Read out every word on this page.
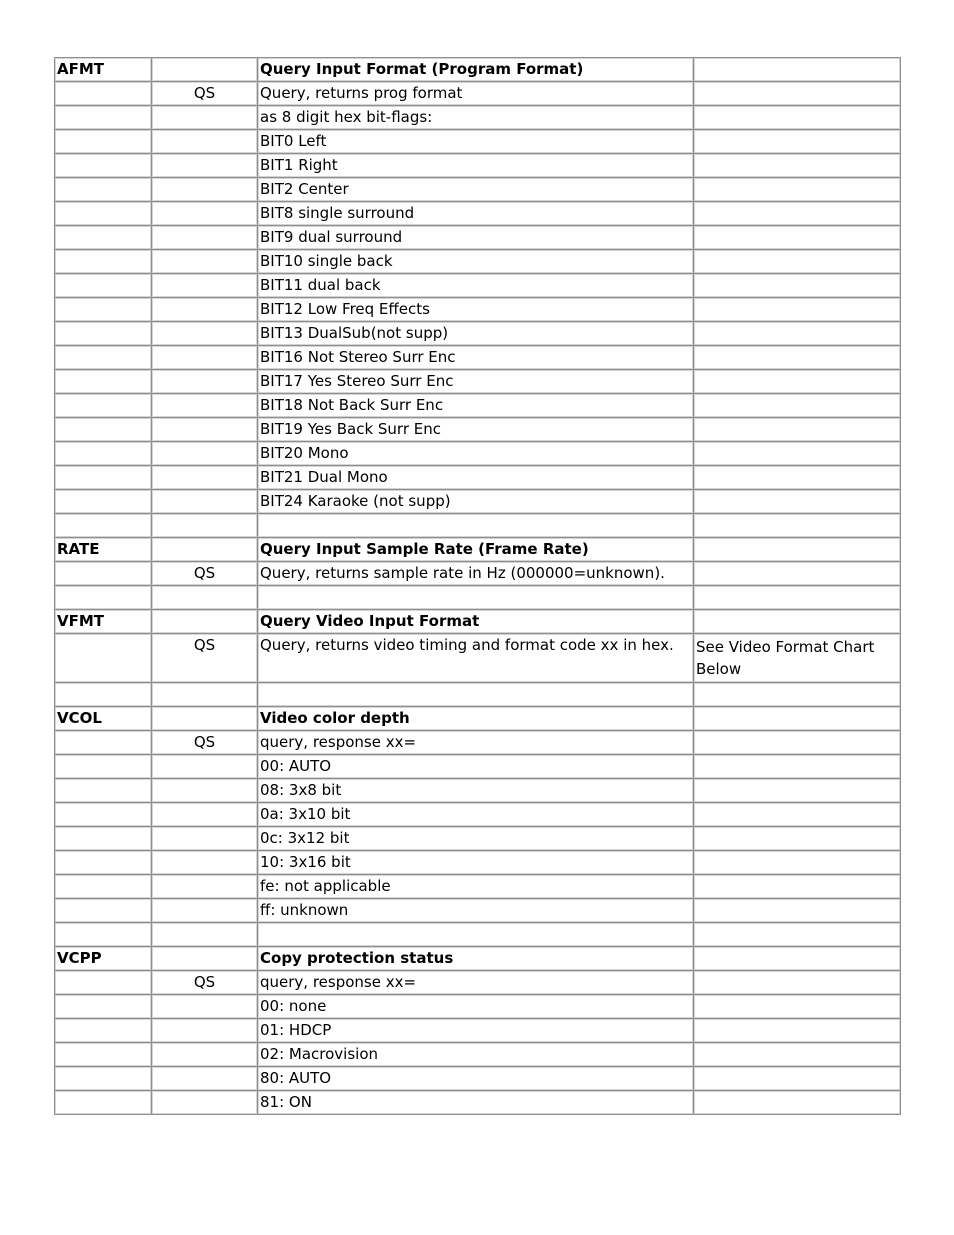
AFMT		Query Input Format (Program Format)	
	QS	Query, returns prog format	
		as 8 digit hex bit-flags:	
		BIT0 Left	
		BIT1 Right	
		BIT2 Center	
		BIT8 single surround	
		BIT9 dual surround	
		BIT10 single back	
		BIT11 dual back	
		BIT12 Low Freq Effects	
		BIT13 DualSub(not supp)	
		BIT16 Not Stereo Surr Enc	
		BIT17 Yes Stereo Surr Enc	
		BIT18 Not Back Surr Enc	
		BIT19 Yes Back Surr Enc	
		BIT20 Mono	
		BIT21 Dual Mono	
		BIT24 Karaoke (not supp)	

RATE		Query Input Sample Rate (Frame Rate)	
	QS	Query, returns sample rate in Hz (000000=unknown).	

VFMT		Query Video Input Format	
	QS	Query, returns video timing and format code xx in hex.	See Video Format Chart Below

VCOL		Video color depth	
	QS	query, response xx=	
		00: AUTO	
		08: 3x8 bit	
		0a: 3x10 bit	
		0c: 3x12 bit	
		10: 3x16 bit	
		fe: not applicable	
		ff: unknown	

VCPP		Copy protection status	
	QS	query, response xx=	
		00: none	
		01: HDCP	
		02: Macrovision	
		80: AUTO	
		81: ON	
